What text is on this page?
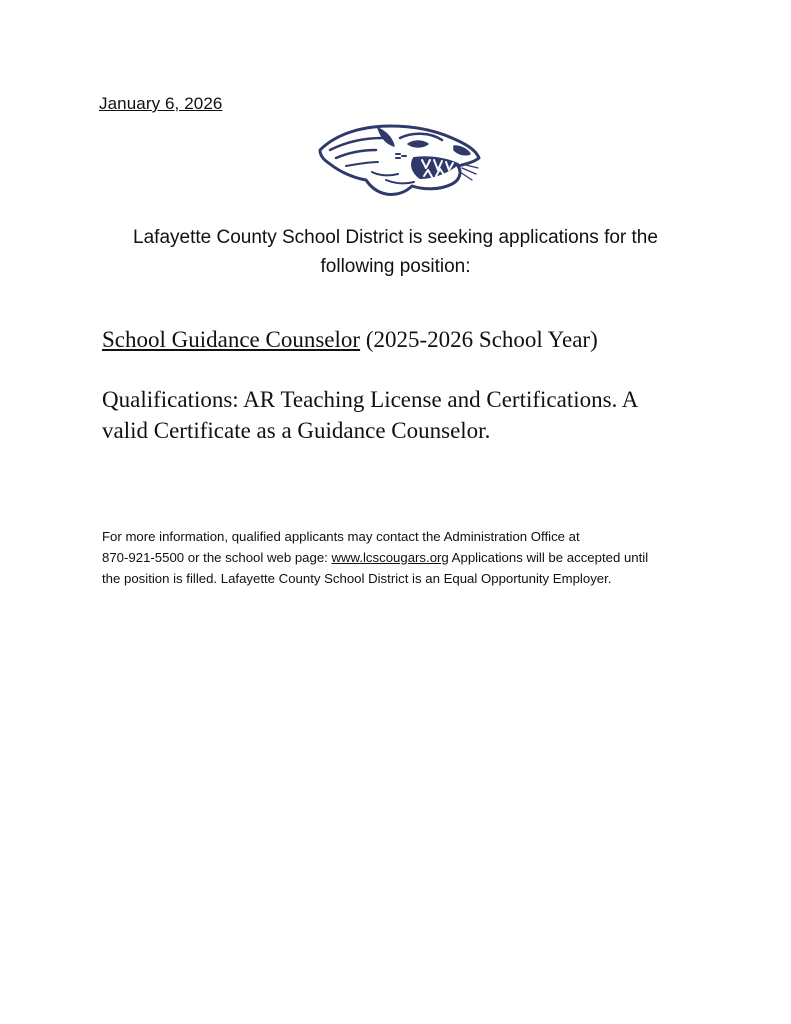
January 6, 2026
Lafayette County School District is seeking applications for the
following position:
School Guidance Counselor (2025-2026 School Year)
Qualifications: AR Teaching License and Certifications. A
valid Certificate as a Guidance Counselor.
For more information, qualified applicants may contact the Administration Office at
870-921-5500 or the school web page: www.lcscougars.org Applications will be accepted until
the position is filled. Lafayette County School District is an Equal Opportunity Employer.
